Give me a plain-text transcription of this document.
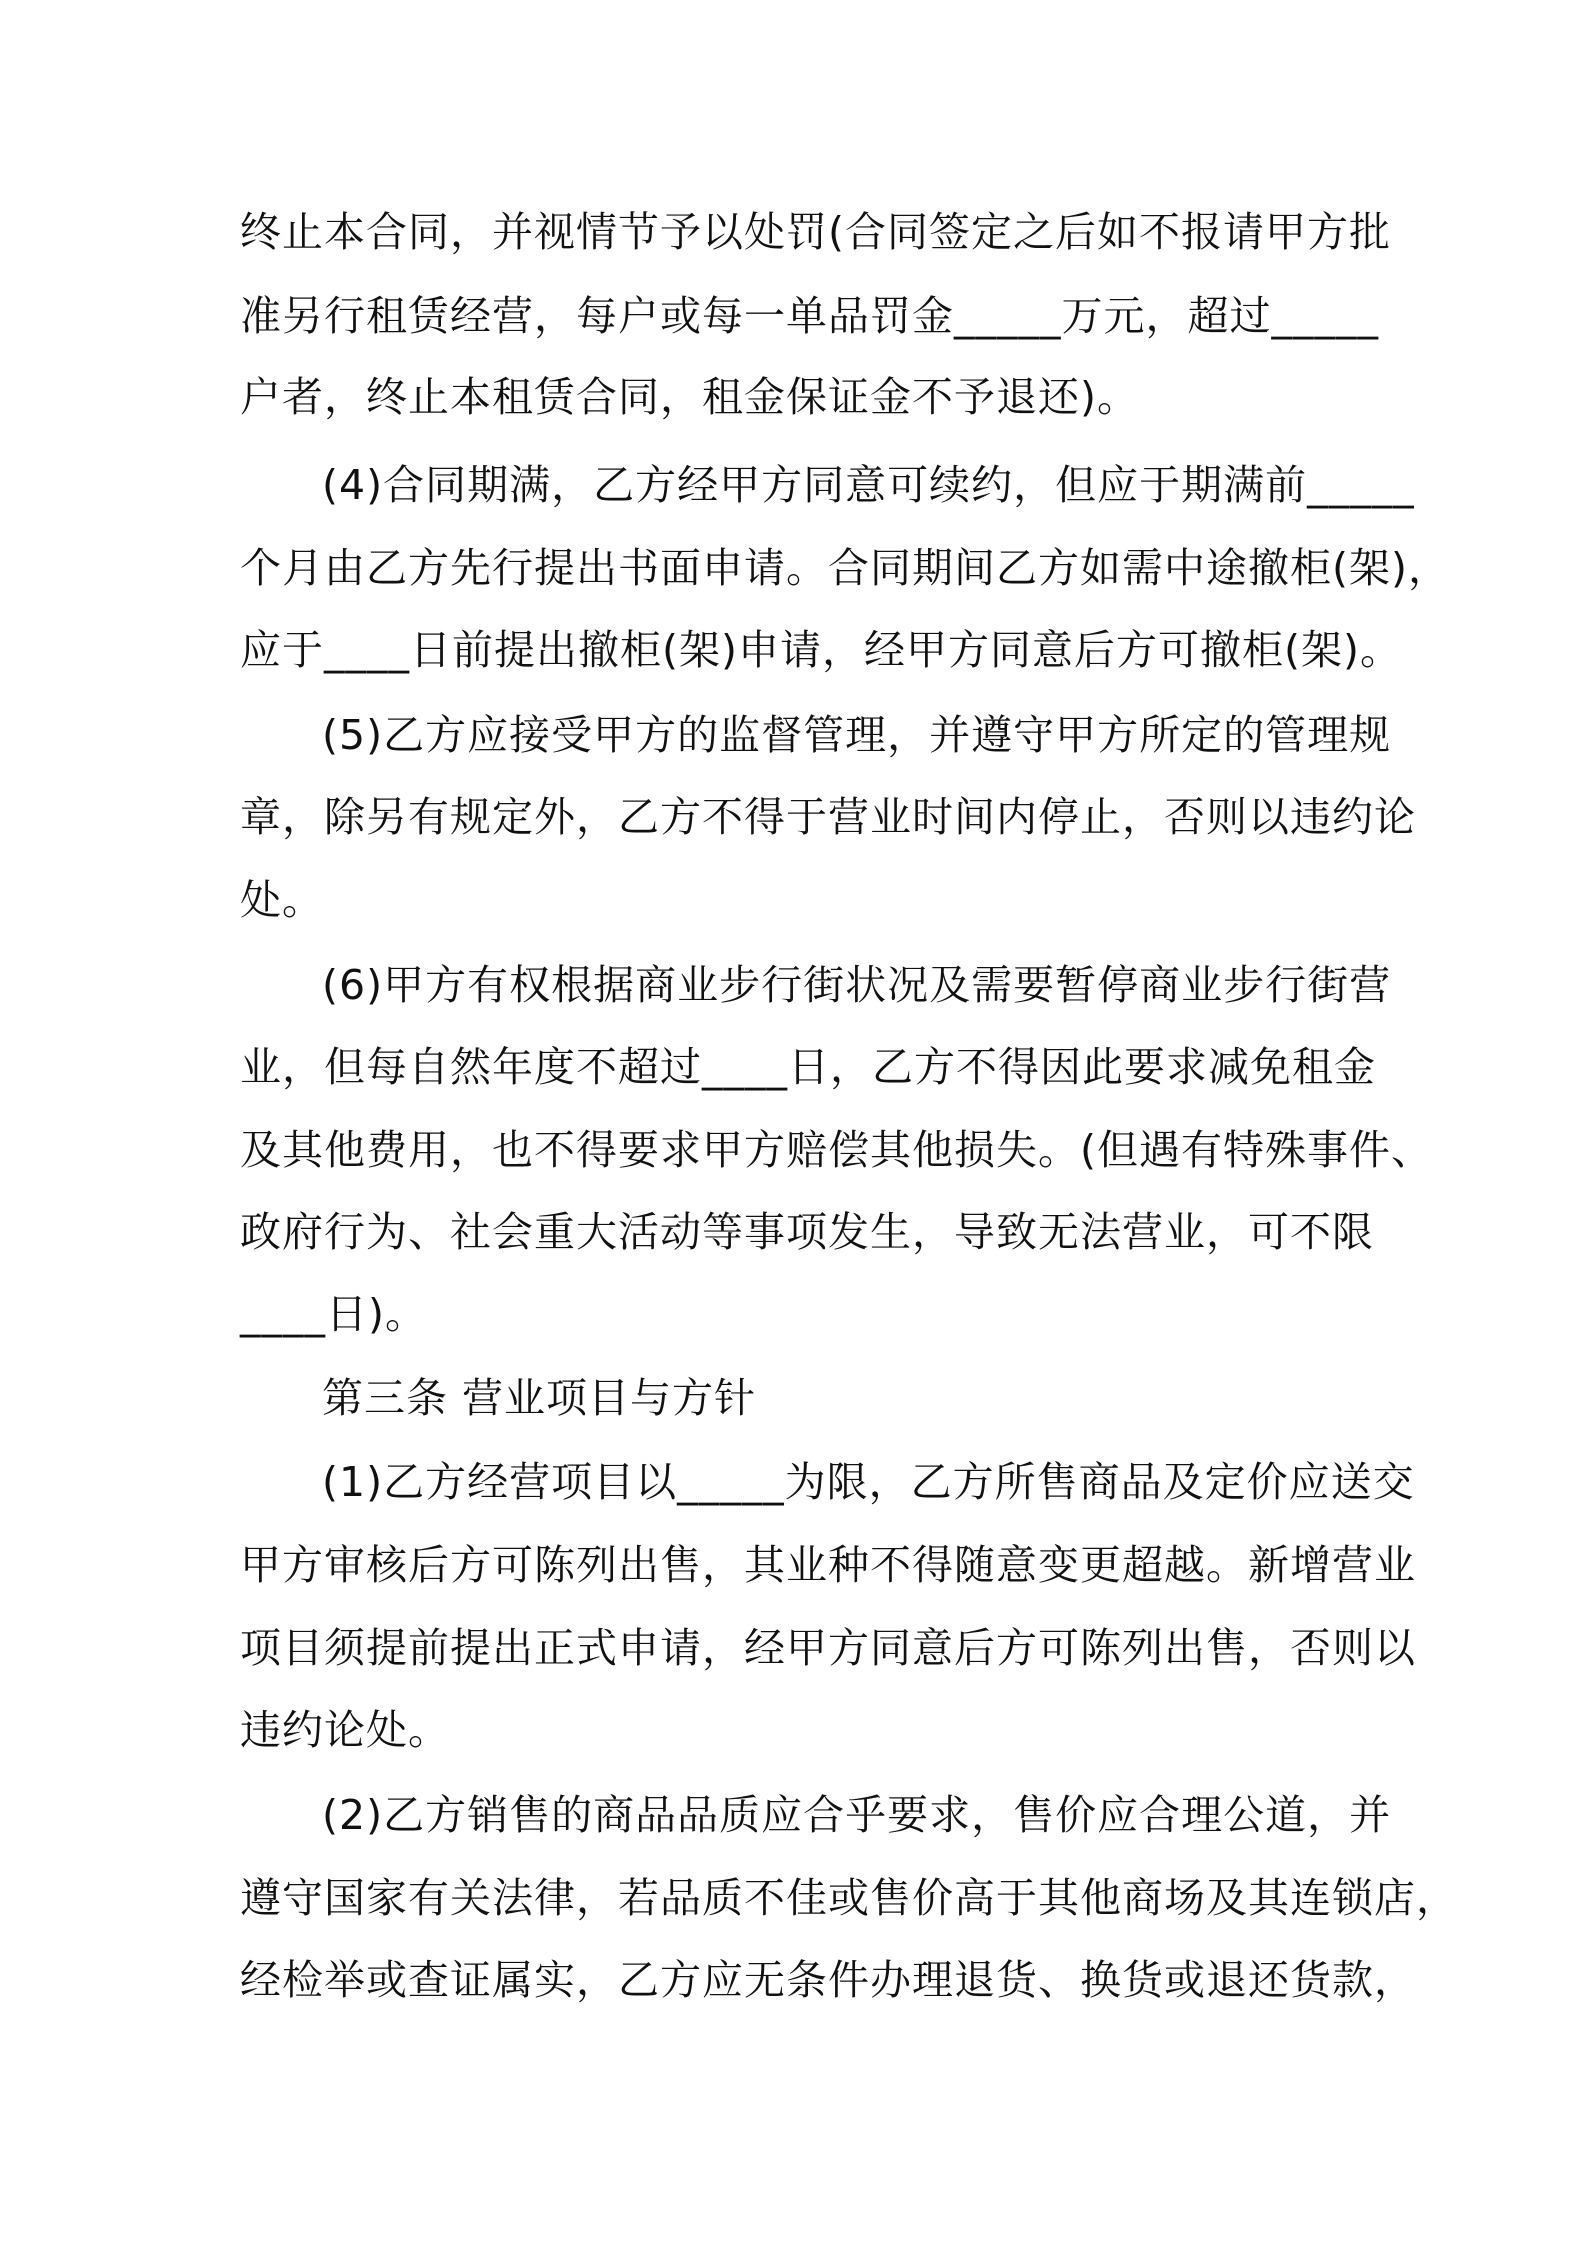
终止本合同，并视情节予以处罚(合同签定之后如不报请甲方批
准另行租赁经营，每户或每一单品罚金_____万元，超过_____
户者，终止本租赁合同，租金保证金不予退还)。
(4)合同期满，乙方经甲方同意可续约，但应于期满前_____
个月由乙方先行提出书面申请。合同期间乙方如需中途撤柜(架)，
应于____日前提出撤柜(架)申请，经甲方同意后方可撤柜(架)。
(5)乙方应接受甲方的监督管理，并遵守甲方所定的管理规
章，除另有规定外，乙方不得于营业时间内停止，否则以违约论
处。
(6)甲方有权根据商业步行街状况及需要暂停商业步行街营
业，但每自然年度不超过____日，乙方不得因此要求减免租金
及其他费用，也不得要求甲方赔偿其他损失。(但遇有特殊事件、
政府行为、社会重大活动等事项发生，导致无法营业，可不限
____日)。
第三条 营业项目与方针
(1)乙方经营项目以_____为限，乙方所售商品及定价应送交
甲方审核后方可陈列出售，其业种不得随意变更超越。新增营业
项目须提前提出正式申请，经甲方同意后方可陈列出售，否则以
违约论处。
(2)乙方销售的商品品质应合乎要求，售价应合理公道，并
遵守国家有关法律，若品质不佳或售价高于其他商场及其连锁店，
经检举或查证属实，乙方应无条件办理退货、换货或退还货款，
